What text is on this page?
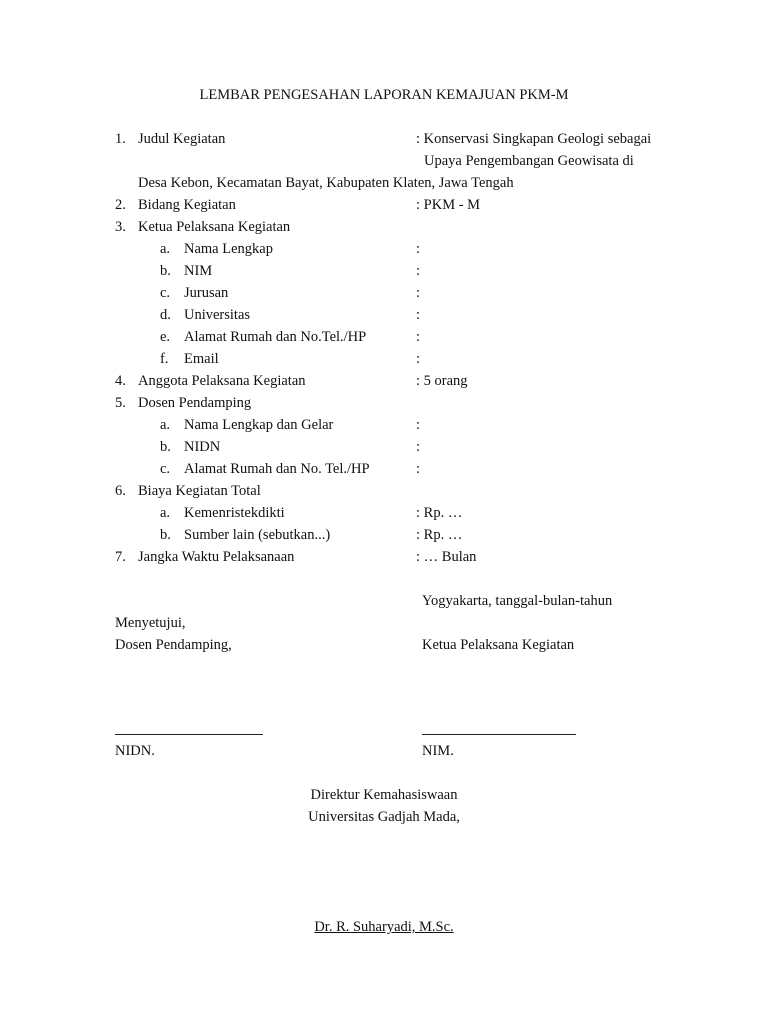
LEMBAR PENGESAHAN LAPORAN KEMAJUAN PKM-M
1. Judul Kegiatan	: Konservasi Singkapan Geologi sebagai
Upaya Pengembangan Geowisata di
Desa Kebon, Kecamatan Bayat, Kabupaten Klaten, Jawa Tengah
2. Bidang Kegiatan	: PKM - M
3. Ketua Pelaksana Kegiatan
a. Nama Lengkap	:
b. NIM	:
c. Jurusan	:
d. Universitas	:
e. Alamat Rumah dan No.Tel./HP	:
f. Email	:
4. Anggota Pelaksana Kegiatan	: 5 orang
5. Dosen Pendamping
a. Nama Lengkap dan Gelar	:
b. NIDN	:
c. Alamat Rumah dan No. Tel./HP	:
6. Biaya Kegiatan Total
a. Kemenristekdikti	: Rp. …
b. Sumber lain (sebutkan...)	: Rp. …
7. Jangka Waktu Pelaksanaan	: … Bulan
Yogyakarta, tanggal-bulan-tahun
Menyetujui,
Dosen Pendamping,	Ketua Pelaksana Kegiatan
NIDN.	NIM.
Direktur Kemahasiswaan
Universitas Gadjah Mada,
Dr. R. Suharyadi, M.Sc.
